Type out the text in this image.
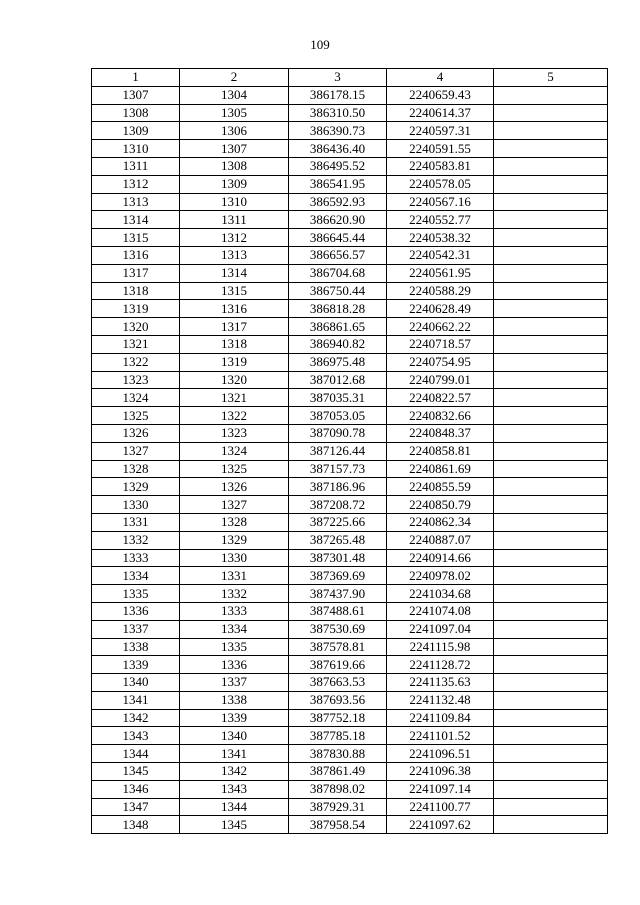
109
1	2	3	4	5
1307	1304	386178.15	2240659.43	
1308	1305	386310.50	2240614.37	
1309	1306	386390.73	2240597.31	
1310	1307	386436.40	2240591.55	
1311	1308	386495.52	2240583.81	
1312	1309	386541.95	2240578.05	
1313	1310	386592.93	2240567.16	
1314	1311	386620.90	2240552.77	
1315	1312	386645.44	2240538.32	
1316	1313	386656.57	2240542.31	
1317	1314	386704.68	2240561.95	
1318	1315	386750.44	2240588.29	
1319	1316	386818.28	2240628.49	
1320	1317	386861.65	2240662.22	
1321	1318	386940.82	2240718.57	
1322	1319	386975.48	2240754.95	
1323	1320	387012.68	2240799.01	
1324	1321	387035.31	2240822.57	
1325	1322	387053.05	2240832.66	
1326	1323	387090.78	2240848.37	
1327	1324	387126.44	2240858.81	
1328	1325	387157.73	2240861.69	
1329	1326	387186.96	2240855.59	
1330	1327	387208.72	2240850.79	
1331	1328	387225.66	2240862.34	
1332	1329	387265.48	2240887.07	
1333	1330	387301.48	2240914.66	
1334	1331	387369.69	2240978.02	
1335	1332	387437.90	2241034.68	
1336	1333	387488.61	2241074.08	
1337	1334	387530.69	2241097.04	
1338	1335	387578.81	2241115.98	
1339	1336	387619.66	2241128.72	
1340	1337	387663.53	2241135.63	
1341	1338	387693.56	2241132.48	
1342	1339	387752.18	2241109.84	
1343	1340	387785.18	2241101.52	
1344	1341	387830.88	2241096.51	
1345	1342	387861.49	2241096.38	
1346	1343	387898.02	2241097.14	
1347	1344	387929.31	2241100.77	
1348	1345	387958.54	2241097.62	
